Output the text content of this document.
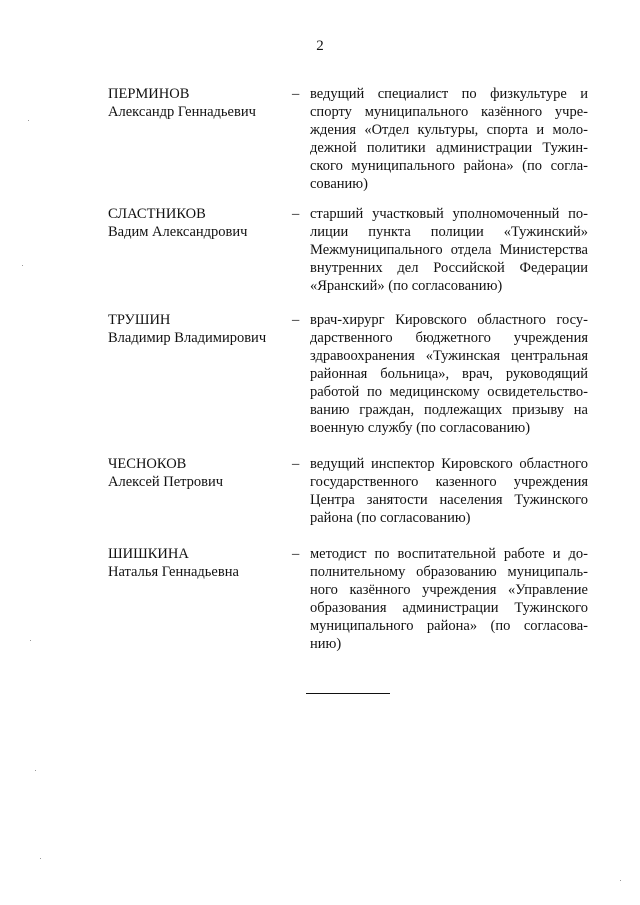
2
ПЕРМИНОВ
Александр Геннадьевич
– ведущий специалист по физкультуре и
спорту муниципального казённого учре-
ждения «Отдел культуры, спорта и моло-
дежной политики администрации Тужин-
ского муниципального района» (по согла-
сованию)
СЛАСТНИКОВ
Вадим Александрович
– старший участковый уполномоченный по-
лиции пункта полиции «Тужинский»
Межмуниципального отдела Министерства
внутренних дел Российской Федерации
«Яранский» (по согласованию)
ТРУШИН
Владимир Владимирович
– врач-хирург Кировского областного госу-
дарственного бюджетного учреждения
здравоохранения «Тужинская центральная
районная больница», врач, руководящий
работой по медицинскому освидетельство-
ванию граждан, подлежащих призыву на
военную службу (по согласованию)
ЧЕСНОКОВ
Алексей Петрович
– ведущий инспектор Кировского областного
государственного казенного учреждения
Центра занятости населения Тужинского
района (по согласованию)
ШИШКИНА
Наталья Геннадьевна
– методист по воспитательной работе и до-
полнительному образованию муниципаль-
ного казённого учреждения «Управление
образования администрации Тужинского
муниципального района» (по согласова-
нию)
